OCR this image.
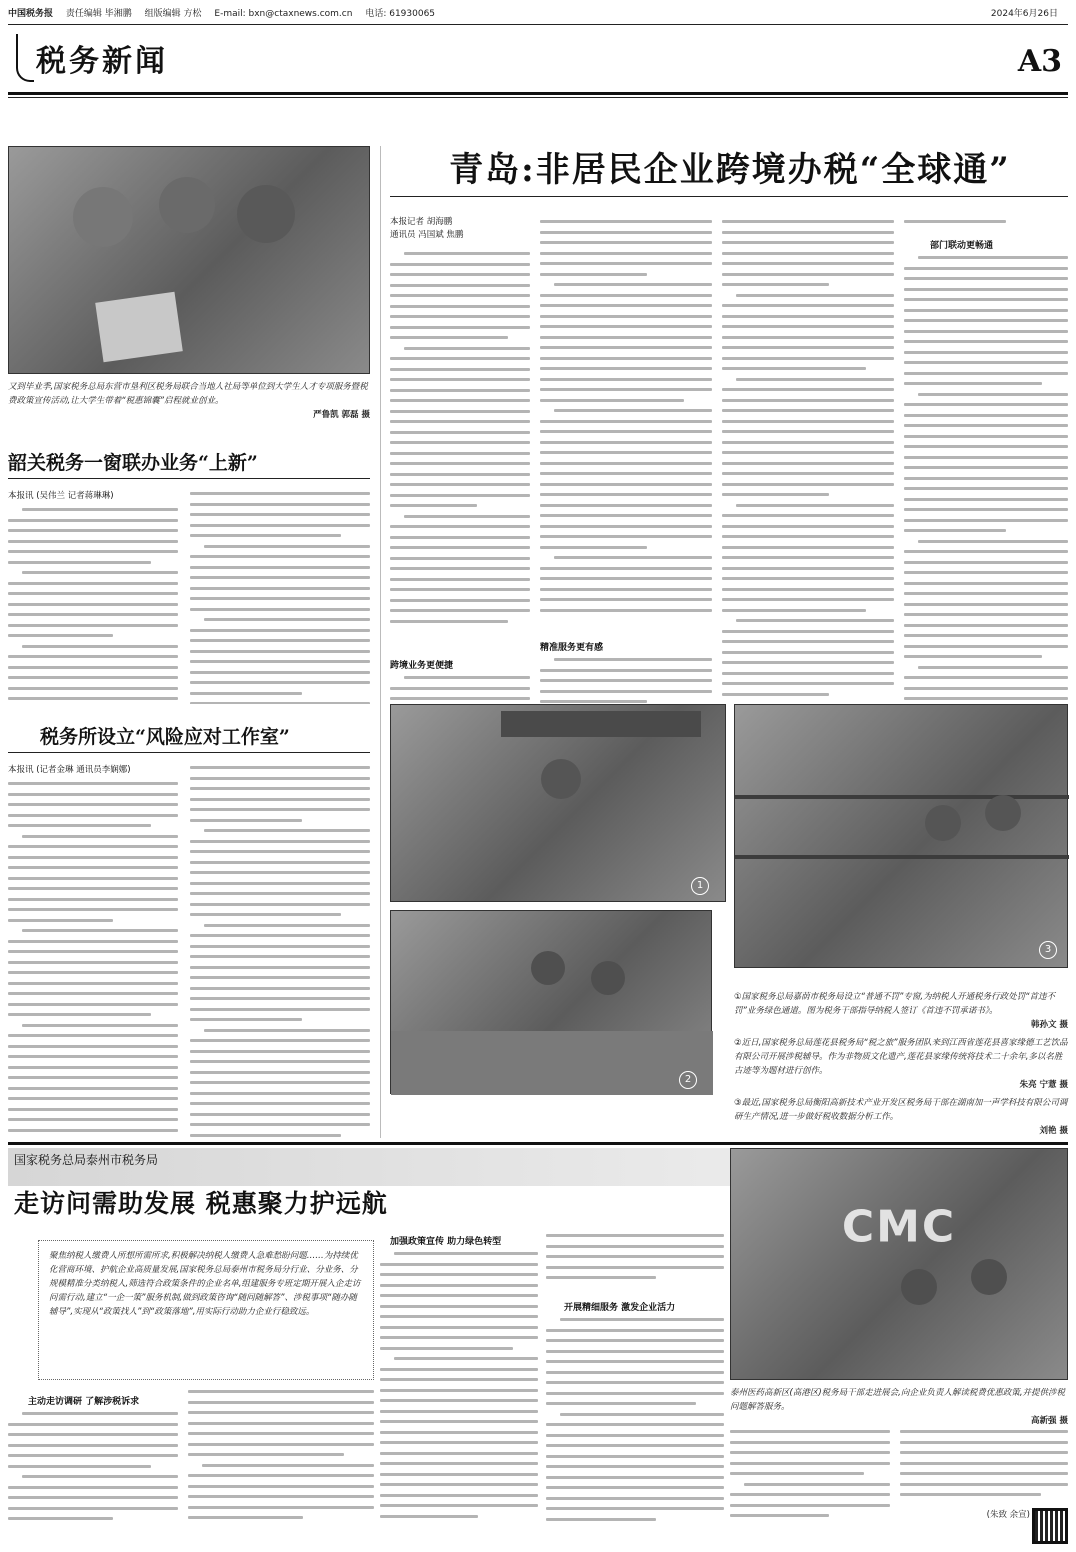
中国税务报 责任编辑 毕湘鹏 组版编辑 方松 E-mail: bxn@ctaxnews.com.cn 电话: 61930065	2024年6月26日
税务新闻	A3
又到毕业季,国家税务总局东营市垦利区税务局联合当地人社局等单位到大学生人才专项服务暨税费政策宣传活动,让大学生带着“税惠锦囊”启程就业创业。
严鲁凯 郭磊 摄
韶关税务一窗联办业务“上新”
本报讯 (吴伟兰 记者蒋琳琳)
税务所设立“风险应对工作室”
本报讯 (记者金琳 通讯员李娴娜)
青岛:非居民企业跨境办税“全球通”
本报记者 胡海鹏
通讯员 冯国斌 焦鹏
跨境业务更便捷
精准服务更有感
部门联动更畅通
1
2
3
①国家税务总局嘉荫市税务局设立“普通不罚”专窗,为纳税人开通税务行政处罚“首违不罚”业务绿色通道。图为税务干部指导纳税人签订《首违不罚承诺书》。
韩孙文 摄
②近日,国家税务总局莲花县税务局“税之旅”服务团队来到江西省莲花县喜家缘德工艺饮品有限公司开展涉税辅导。作为非物质文化遗产,莲花县家缘传统将技术二十余年,多以名胜古迹等为题材进行创作。
朱亮 宁薏 摄
③最近,国家税务总局衡阳高新技术产业开发区税务局干部在湖南加一声学科技有限公司调研生产情况,进一步做好税收数据分析工作。
刘艳 摄
国家税务总局泰州市税务局
走访问需助发展 税惠聚力护远航
聚焦纳税人缴费人所想所需所求,积极解决纳税人缴费人急难愁盼问题……为持续优化营商环境、护航企业高质量发展,国家税务总局泰州市税务局分行业、分业务、分规模精准分类纳税人,筛选符合政策条件的企业名单,组建服务专班定期开展入企走访问需行动,建立“一企一策”服务机制,做到政策咨询“随问随解答”、涉税事项“随办随辅导”,实现从“政策找人”到“政策落地”,用实际行动助力企业行稳致远。
主动走访调研 了解涉税诉求
加强政策宣传 助力绿色转型
开展精细服务 激发企业活力
CMC
泰州医药高新区(高港区)税务局干部走进展会,向企业负责人解读税费优惠政策,并提供涉税问题解答服务。
高新强 摄
(朱致 余宣)
